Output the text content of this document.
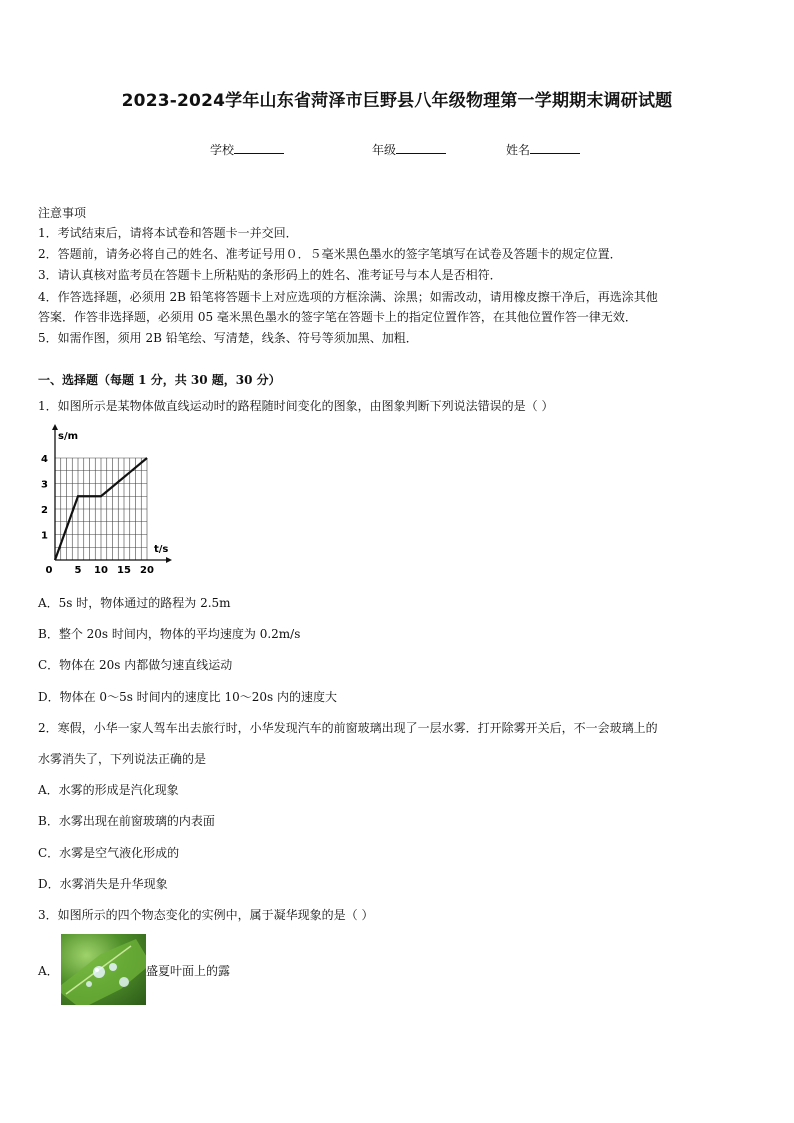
2023-2024学年山东省菏泽市巨野县八年级物理第一学期期末调研试题
学校	年级	姓名
注意事项
1．考试结束后，请将本试卷和答题卡一并交回．
2．答题前，请务必将自己的姓名、准考证号用０．５毫米黑色墨水的签字笔填写在试卷及答题卡的规定位置．
3．请认真核对监考员在答题卡上所粘贴的条形码上的姓名、准考证号与本人是否相符．
4．作答选择题，必须用 2B 铅笔将答题卡上对应选项的方框涂满、涂黑；如需改动，请用橡皮擦干净后，再选涂其他
答案．作答非选择题，必须用 05 毫米黑色墨水的签字笔在答题卡上的指定位置作答，在其他位置作答一律无效．
5．如需作图，须用 2B 铅笔绘、写清楚，线条、符号等须加黑、加粗．
一、选择题（每题 1 分，共 30 题，30 分）
1．如图所示是某物体做直线运动时的路程随时间变化的图象，由图象判断下列说法错误的是（ ）
0 5 10 15 20
1
2
3
4
s/m
t/s
A．5s 时，物体通过的路程为 2.5m
B．整个 20s 时间内，物体的平均速度为 0.2m/s
C．物体在 20s 内都做匀速直线运动
D．物体在 0～5s 时间内的速度比 10～20s 内的速度大
2．寒假，小华一家人驾车出去旅行时，小华发现汽车的前窗玻璃出现了一层水雾．打开除雾开关后，不一会玻璃上的
水雾消失了，下列说法正确的是
A．水雾的形成是汽化现象
B．水雾出现在前窗玻璃的内表面
C．水雾是空气液化形成的
D．水雾消失是升华现象
3．如图所示的四个物态变化的实例中，属于凝华现象的是（ ）
A．	盛夏叶面上的露
